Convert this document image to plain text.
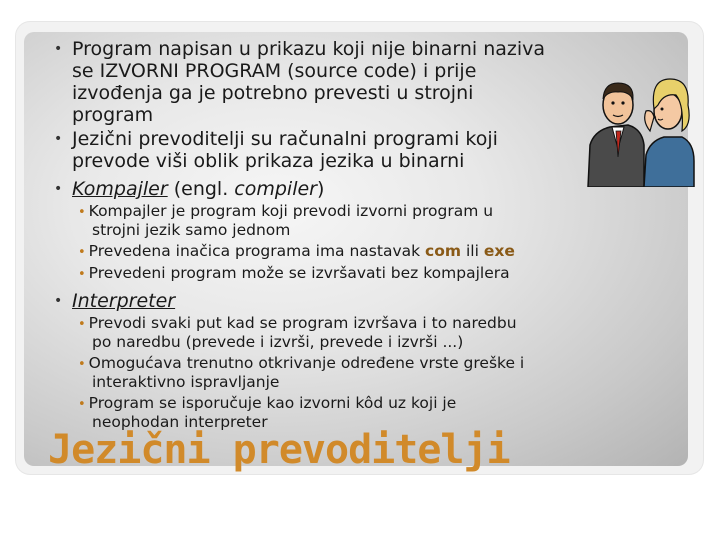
• Program napisan u prikazu koji nije binarni naziva
se IZVORNI PROGRAM (source code) i prije
izvođenja ga je potrebno prevesti u strojni
program
• Jezični prevoditelji su računalni programi koji
prevode viši oblik prikaza jezika u binarni
• Kompajler (engl. compiler)
• Kompajler je program koji prevodi izvorni program u
strojni jezik samo jednom
• Prevedena inačica programa ima nastavak com ili exe
• Prevedeni program može se izvršavati bez kompajlera
• Interpreter
• Prevodi svaki put kad se program izvršava i to naredbu
po naredbu (prevede i izvrši, prevede i izvrši ...)
• Omogućava trenutno otkrivanje određene vrste greške i
interaktivno ispravljanje
• Program se isporučuje kao izvorni kôd uz koji je
neophodan interpreter
Jezični prevoditelji
